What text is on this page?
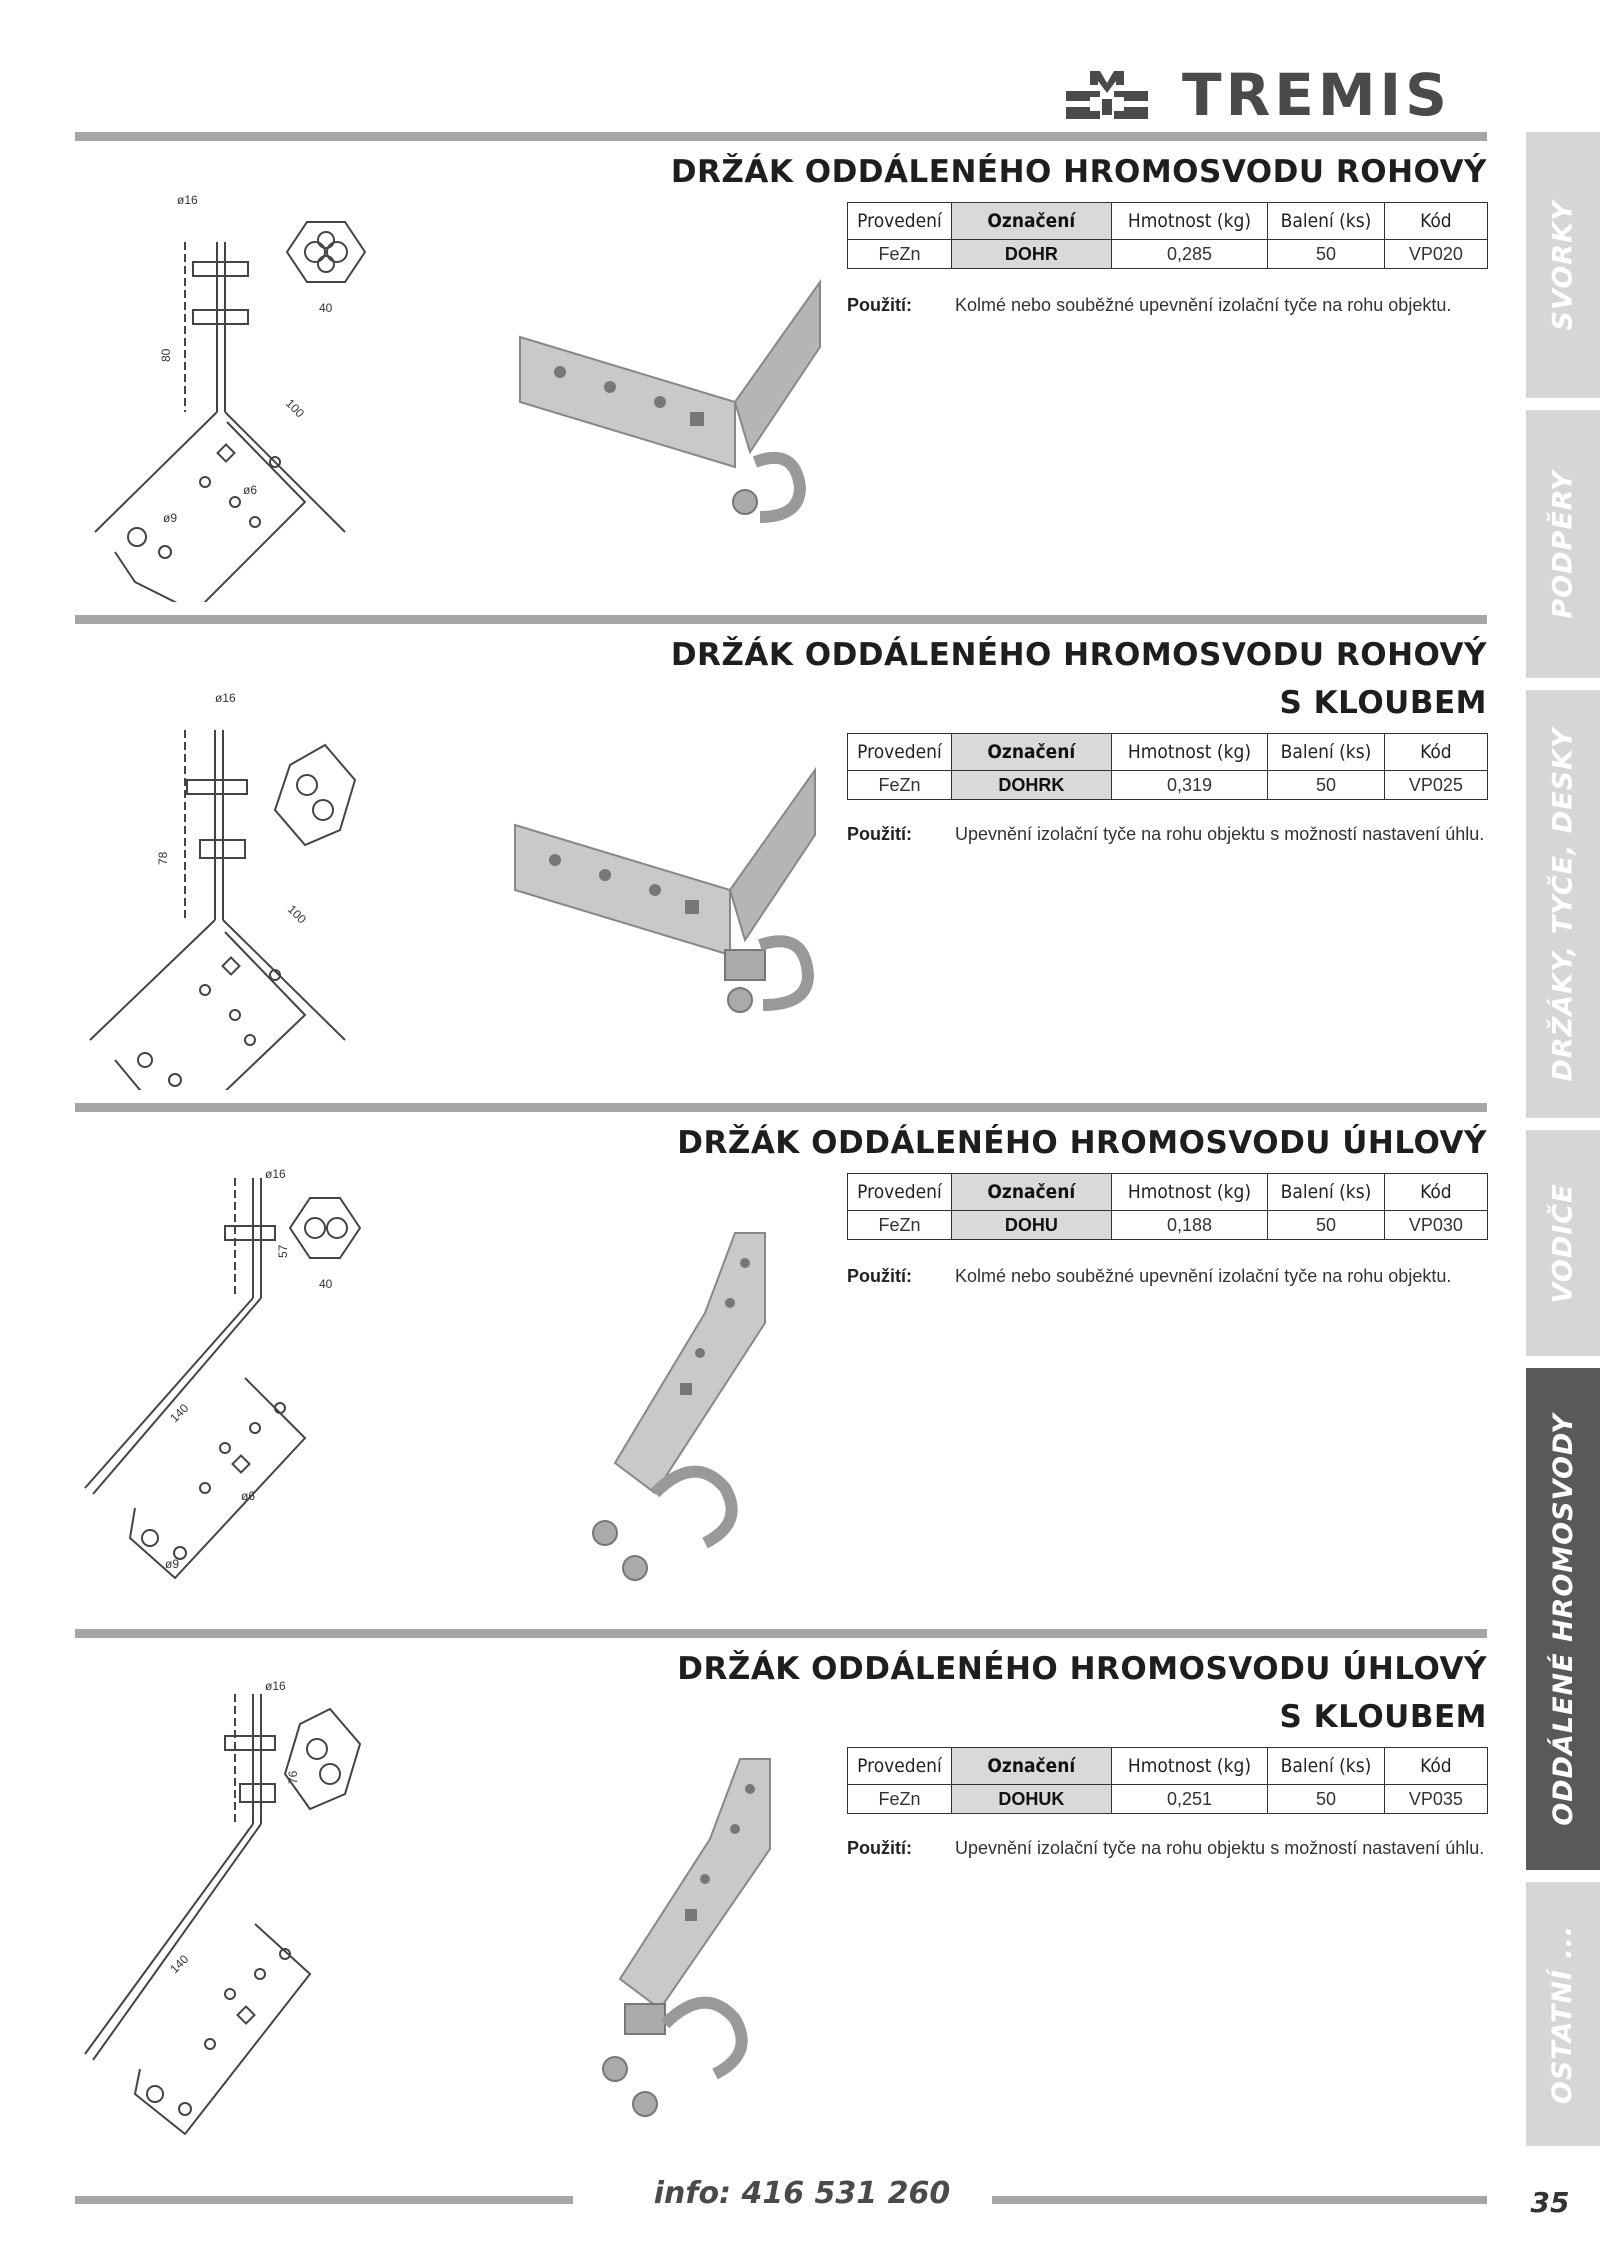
TREMIS
DRŽÁK ODDÁLENÉHO HROMOSVODU ROHOVÝ
Provedení	Označení	Hmotnost (kg)	Balení (ks)	Kód
FeZn	DOHR	0,285	50	VP020
Použití:	Kolmé nebo souběžné upevnění izolační tyče na rohu objektu.
ø16
80
40
100
ø6
ø9
DRŽÁK ODDÁLENÉHO HROMOSVODU ROHOVÝ
S KLOUBEM
Provedení	Označení	Hmotnost (kg)	Balení (ks)	Kód
FeZn	DOHRK	0,319	50	VP025
Použití:	Upevnění izolační tyče na rohu objektu s možností nastavení úhlu.
ø16
78
100
DRŽÁK ODDÁLENÉHO HROMOSVODU ÚHLOVÝ
Provedení	Označení	Hmotnost (kg)	Balení (ks)	Kód
FeZn	DOHU	0,188	50	VP030
Použití:	Kolmé nebo souběžné upevnění izolační tyče na rohu objektu.
ø16
57
40
140
ø6
ø9
DRŽÁK ODDÁLENÉHO HROMOSVODU ÚHLOVÝ
S KLOUBEM
Provedení	Označení	Hmotnost (kg)	Balení (ks)	Kód
FeZn	DOHUK	0,251	50	VP035
Použití:	Upevnění izolační tyče na rohu objektu s možností nastavení úhlu.
ø16
76
140
SVORKY
PODPĚRY
DRŽÁKY, TYČE, DESKY
VODIČE
ODDÁLENÉ HROMOSVODY
OSTATNÍ ...
info: 416 531 260	35
